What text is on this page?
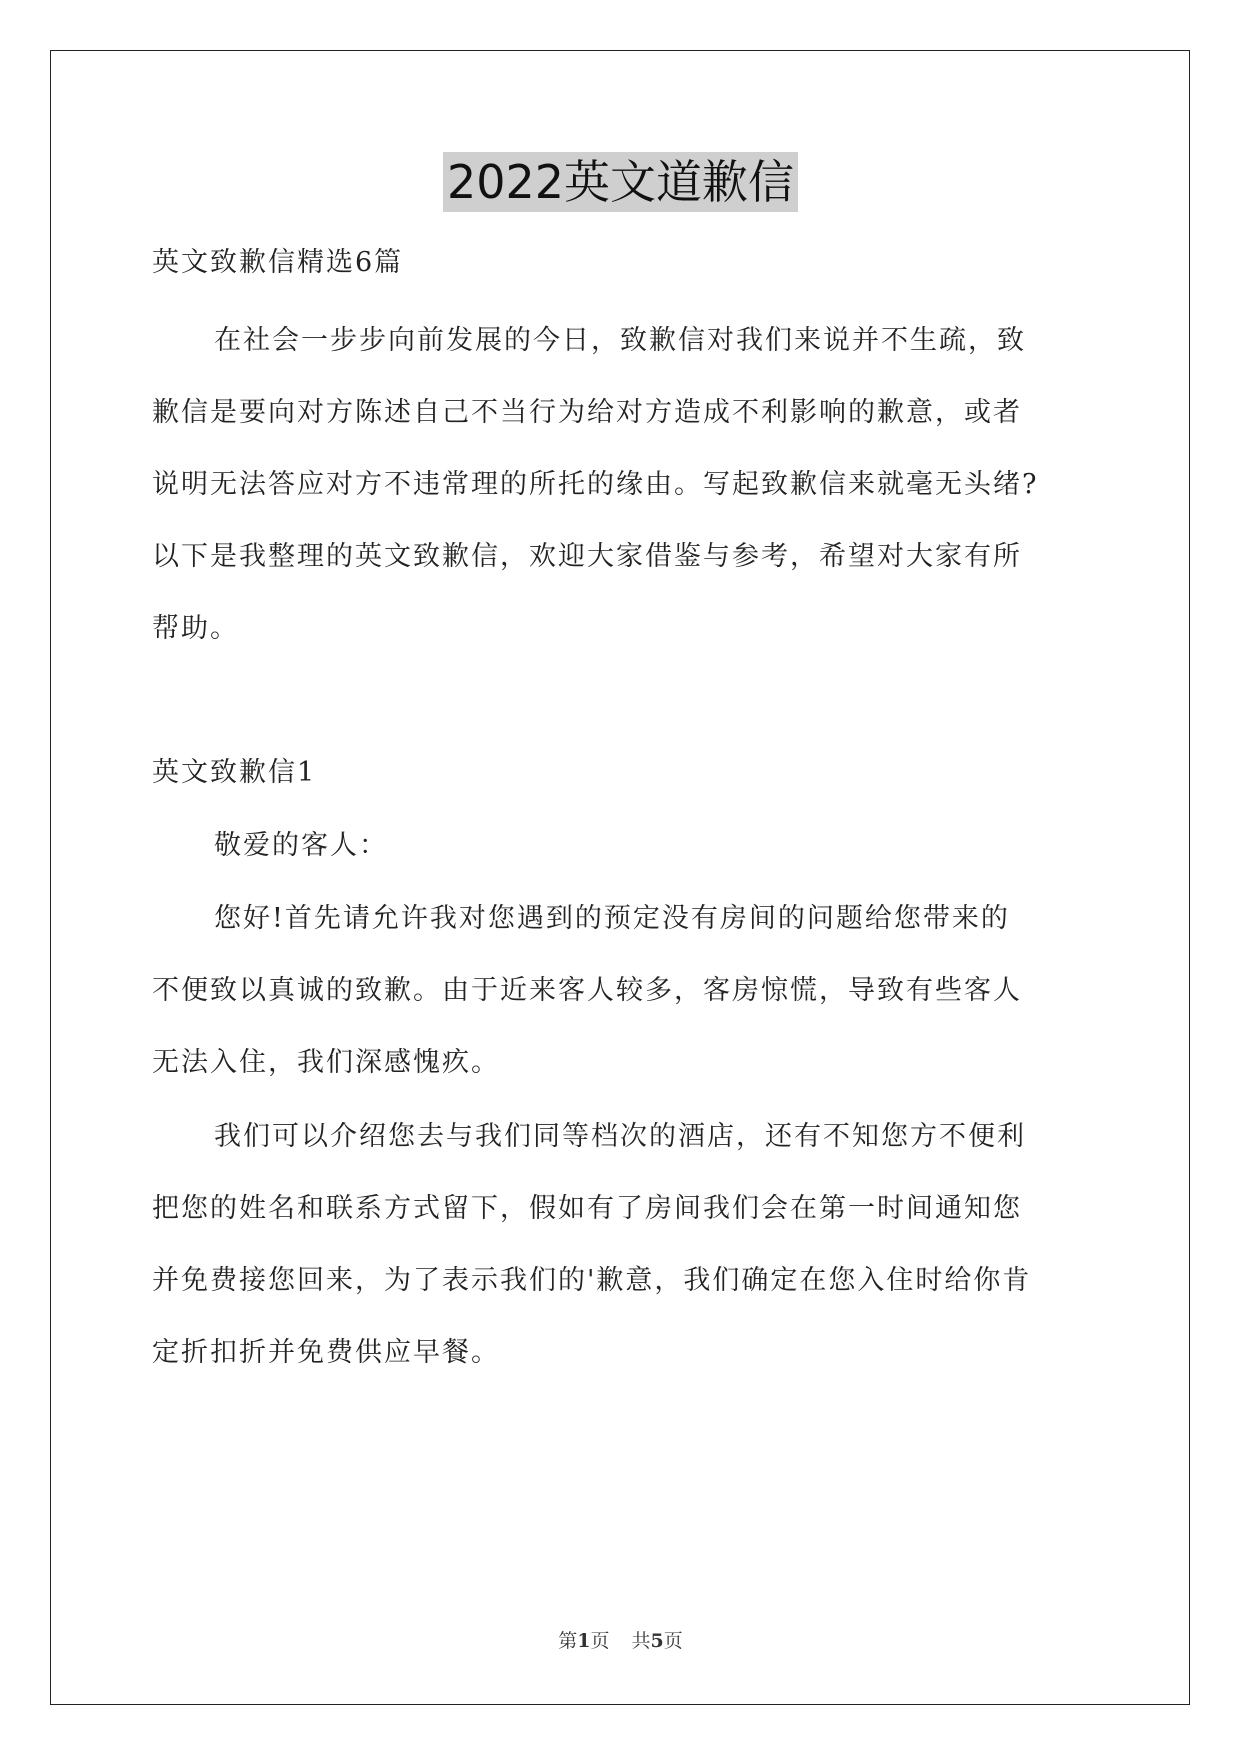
2022英文道歉信
英文致歉信精选6篇
在社会一步步向前发展的今日，致歉信对我们来说并不生疏，致
歉信是要向对方陈述自己不当行为给对方造成不利影响的歉意，或者
说明无法答应对方不违常理的所托的缘由。写起致歉信来就毫无头绪?
以下是我整理的英文致歉信，欢迎大家借鉴与参考，希望对大家有所
帮助。
英文致歉信1
敬爱的客人：
您好!首先请允许我对您遇到的预定没有房间的问题给您带来的
不便致以真诚的致歉。由于近来客人较多，客房惊慌，导致有些客人
无法入住，我们深感愧疚。
我们可以介绍您去与我们同等档次的酒店，还有不知您方不便利
把您的姓名和联系方式留下，假如有了房间我们会在第一时间通知您
并免费接您回来，为了表示我们的'歉意，我们确定在您入住时给你肯
定折扣折并免费供应早餐。
第1页 共5页
